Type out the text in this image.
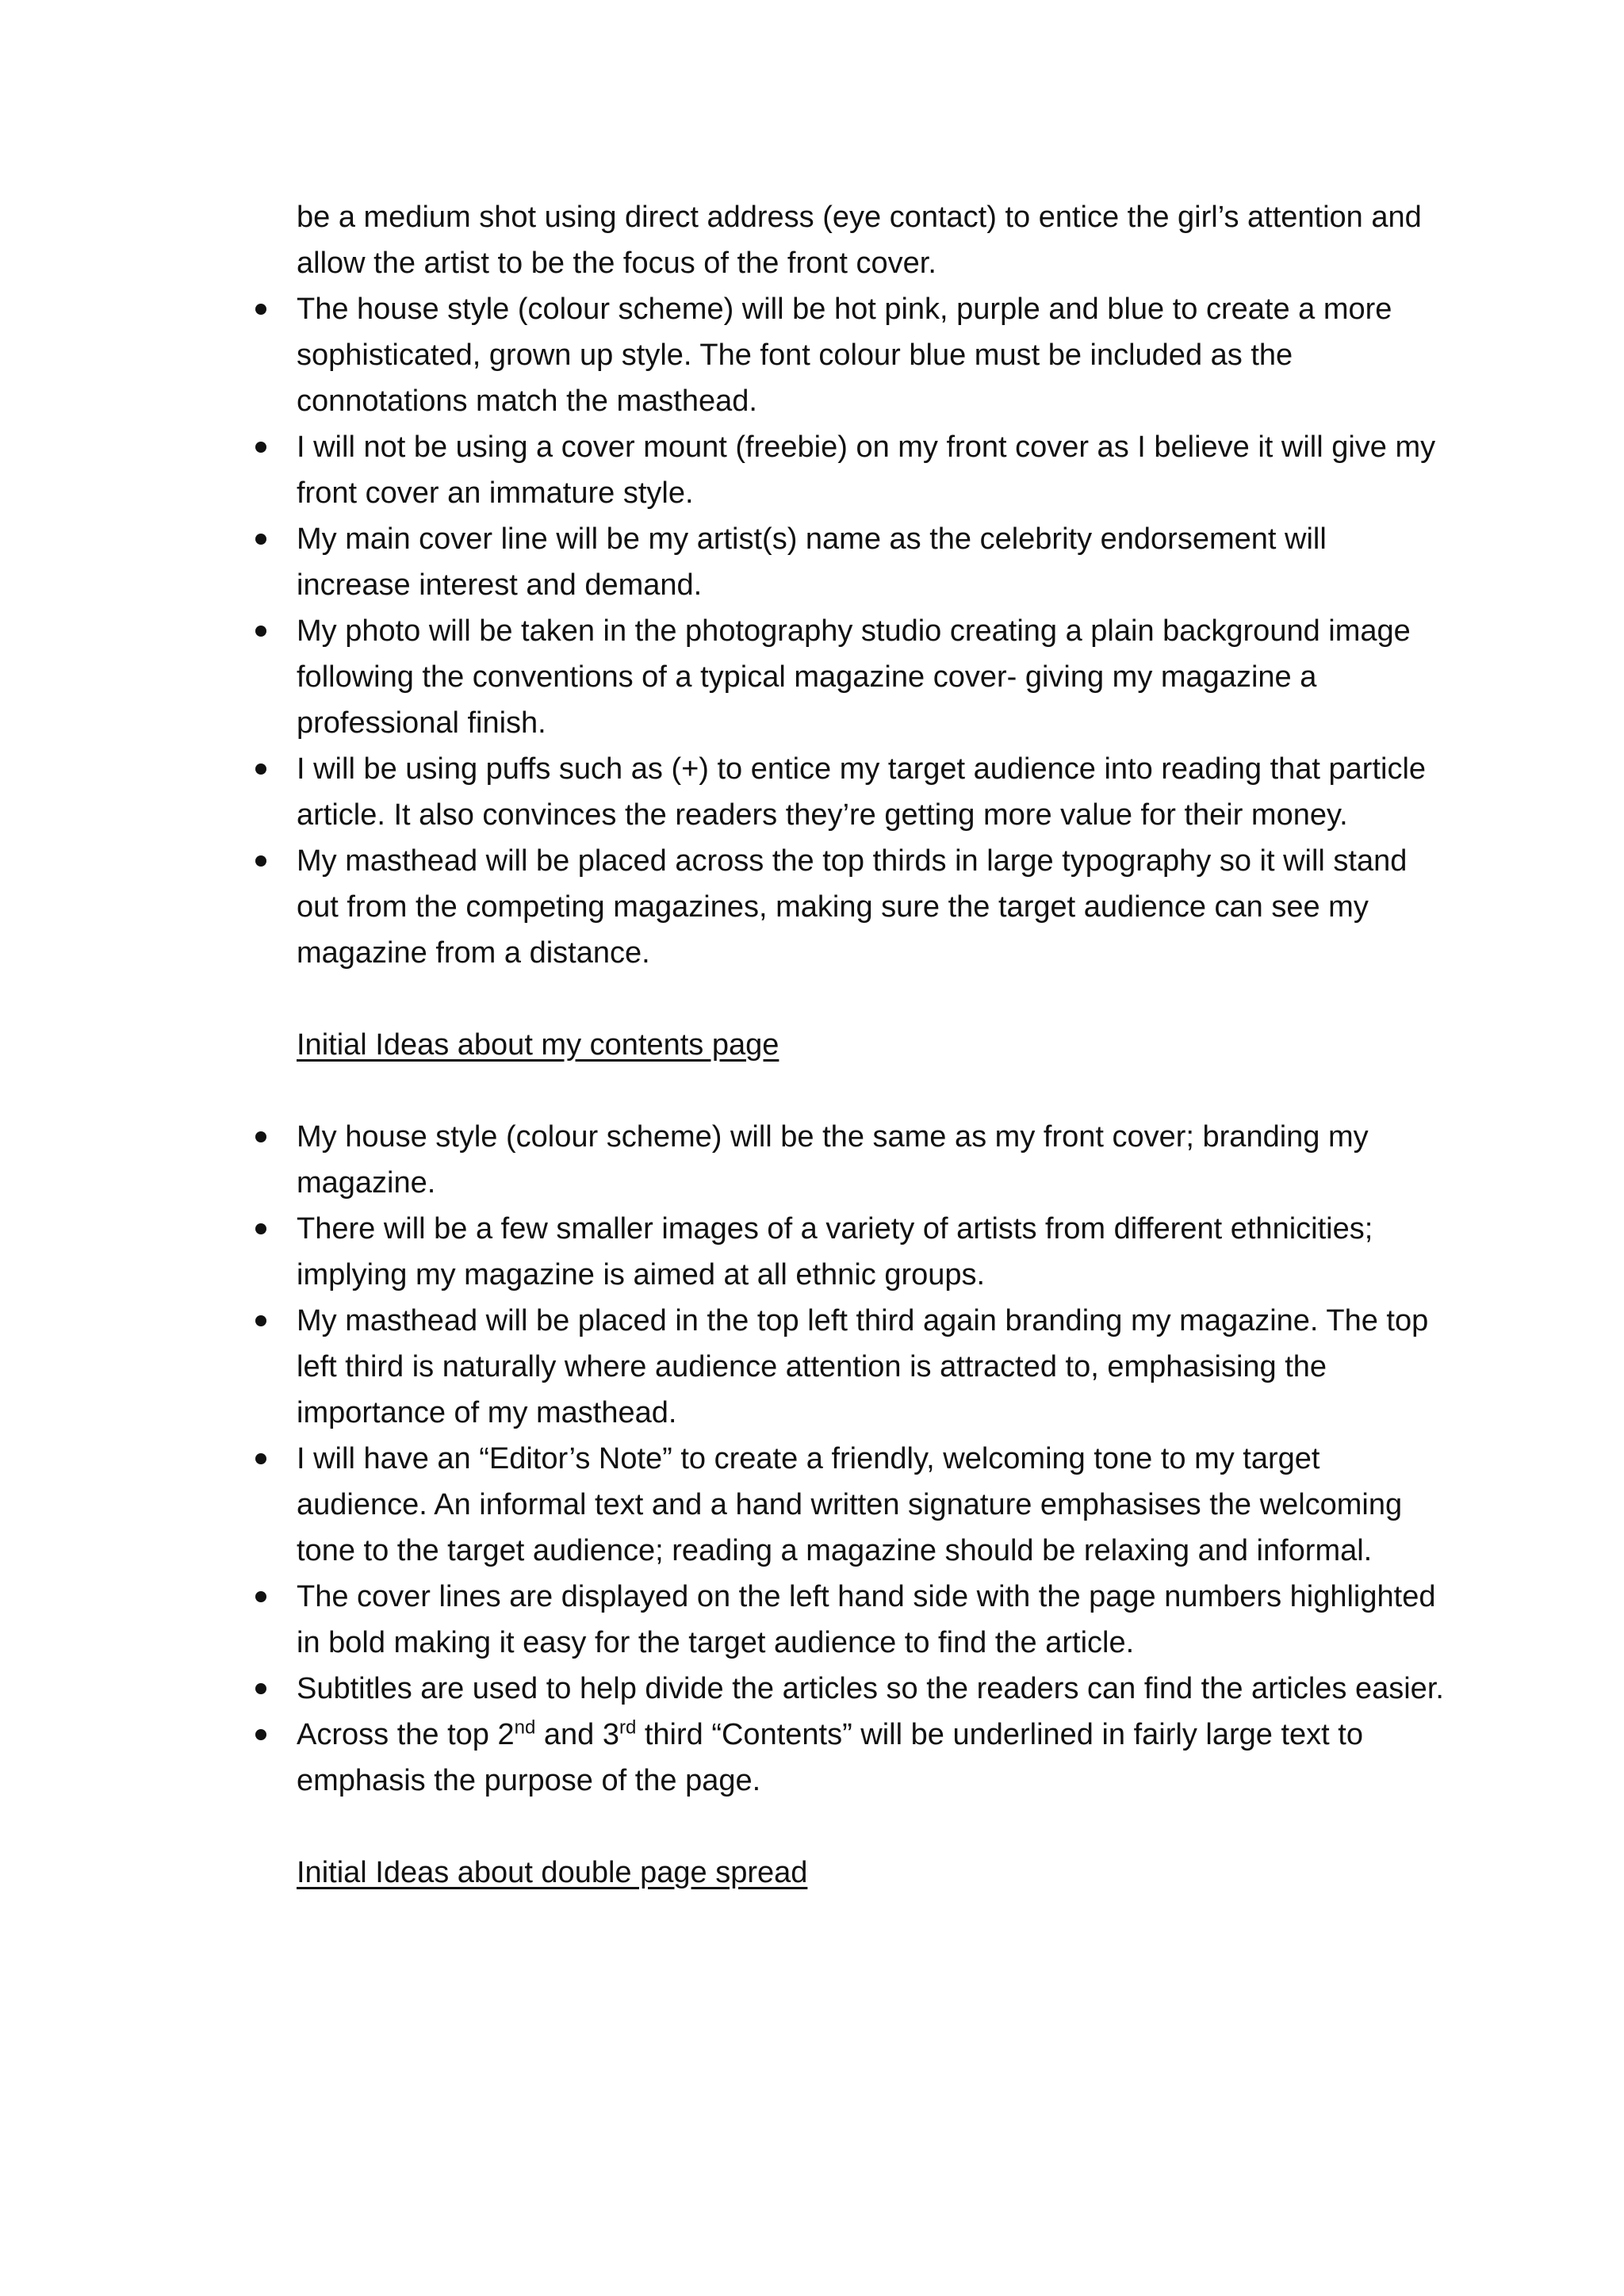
be a medium shot using direct address (eye contact) to entice the girl’s attention and allow the artist to be the focus of the front cover.

The house style (colour scheme) will be hot pink, purple and blue to create a more sophisticated, grown up style. The font colour blue must be included as the connotations match the masthead.
I will not be using a cover mount (freebie) on my front cover as I believe it will give my front cover an immature style.
My main cover line will be my artist(s) name as the celebrity endorsement will increase interest and demand.
My photo will be taken in the photography studio creating a plain background image following the conventions of a typical magazine cover- giving my magazine a professional finish.
I will be using puffs such as (+) to entice my target audience into reading that particle article. It also convinces the readers they’re getting more value for their money.
My masthead will be placed across the top thirds in large typography so it will stand out from the competing magazines, making sure the target audience can see my magazine from a distance.

Initial Ideas about my contents page

My house style (colour scheme) will be the same as my front cover; branding my magazine.
There will be a few smaller images of a variety of artists from different ethnicities; implying my magazine is aimed at all ethnic groups.
My masthead will be placed in the top left third again branding my magazine. The top left third is naturally where audience attention is attracted to, emphasising the importance of my masthead.
I will have an “Editor’s Note” to create a friendly, welcoming tone to my target audience. An informal text and a hand written signature emphasises the welcoming tone to the target audience; reading a magazine should be relaxing and informal.
The cover lines are displayed on the left hand side with the page numbers highlighted in bold making it easy for the target audience to find the article.
Subtitles are used to help divide the articles so the readers can find the articles easier.
Across the top 2nd and 3rd third “Contents” will be underlined in fairly large text to emphasis the purpose of the page.

Initial Ideas about double page spread
